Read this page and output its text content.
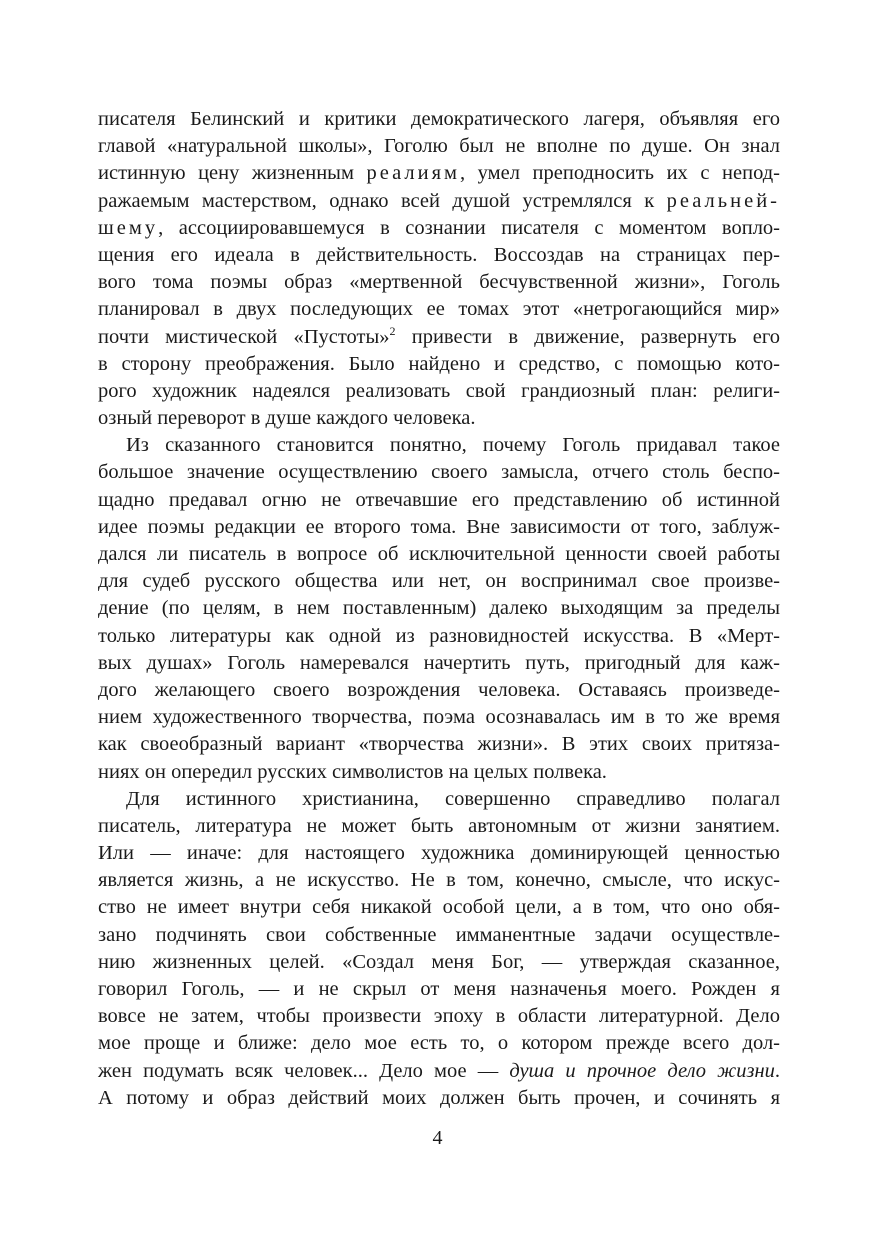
писателя Белинский и критики демократического лагеря, объявляя его
главой «натуральной школы», Гоголю был не вполне по душе. Он знал
истинную цену жизненным реалиям, умел преподносить их с непод-
ражаемым мастерством, однако всей душой устремлялся к реальней-
шему, ассоциировавшемуся в сознании писателя с моментом вопло-
щения его идеала в действительность. Воссоздав на страницах пер-
вого тома поэмы образ «мертвенной бесчувственной жизни», Гоголь
планировал в двух последующих ее томах этот «нетрогающийся мир»
почти мистической «Пустоты»$^2$ привести в движение, развернуть его
в сторону преображения. Было найдено и средство, с помощью кото-
рого художник надеялся реализовать свой грандиозный план: религи-
озный переворот в душе каждого человека.
Из сказанного становится понятно, почему Гоголь придавал такое
большое значение осуществлению своего замысла, отчего столь беспо-
щадно предавал огню не отвечавшие его представлению об истинной
идее поэмы редакции ее второго тома. Вне зависимости от того, заблуж-
дался ли писатель в вопросе об исключительной ценности своей работы
для судеб русского общества или нет, он воспринимал свое произве-
дение (по целям, в нем поставленным) далеко выходящим за пределы
только литературы как одной из разновидностей искусства. В «Мерт-
вых душах» Гоголь намеревался начертить путь, пригодный для каж-
дого желающего своего возрождения человека. Оставаясь произведе-
нием художественного творчества, поэма осознавалась им в то же время
как своеобразный вариант «творчества жизни». В этих своих притяза-
ниях он опередил русских символистов на целых полвека.
Для истинного христианина, совершенно справедливо полагал
писатель, литература не может быть автономным от жизни занятием.
Или — иначе: для настоящего художника доминирующей ценностью
является жизнь, а не искусство. Не в том, конечно, смысле, что искус-
ство не имеет внутри себя никакой особой цели, а в том, что оно обя-
зано подчинять свои собственные имманентные задачи осуществле-
нию жизненных целей. «Создал меня Бог, — утверждая сказанное,
говорил Гоголь, — и не скрыл от меня назначенья моего. Рожден я
вовсе не затем, чтобы произвести эпоху в области литературной. Дело
мое проще и ближе: дело мое есть то, о котором прежде всего дол-
жен подумать всяк человек... Дело мое — душа и прочное дело жизни.
А потому и образ действий моих должен быть прочен, и сочинять я
4
